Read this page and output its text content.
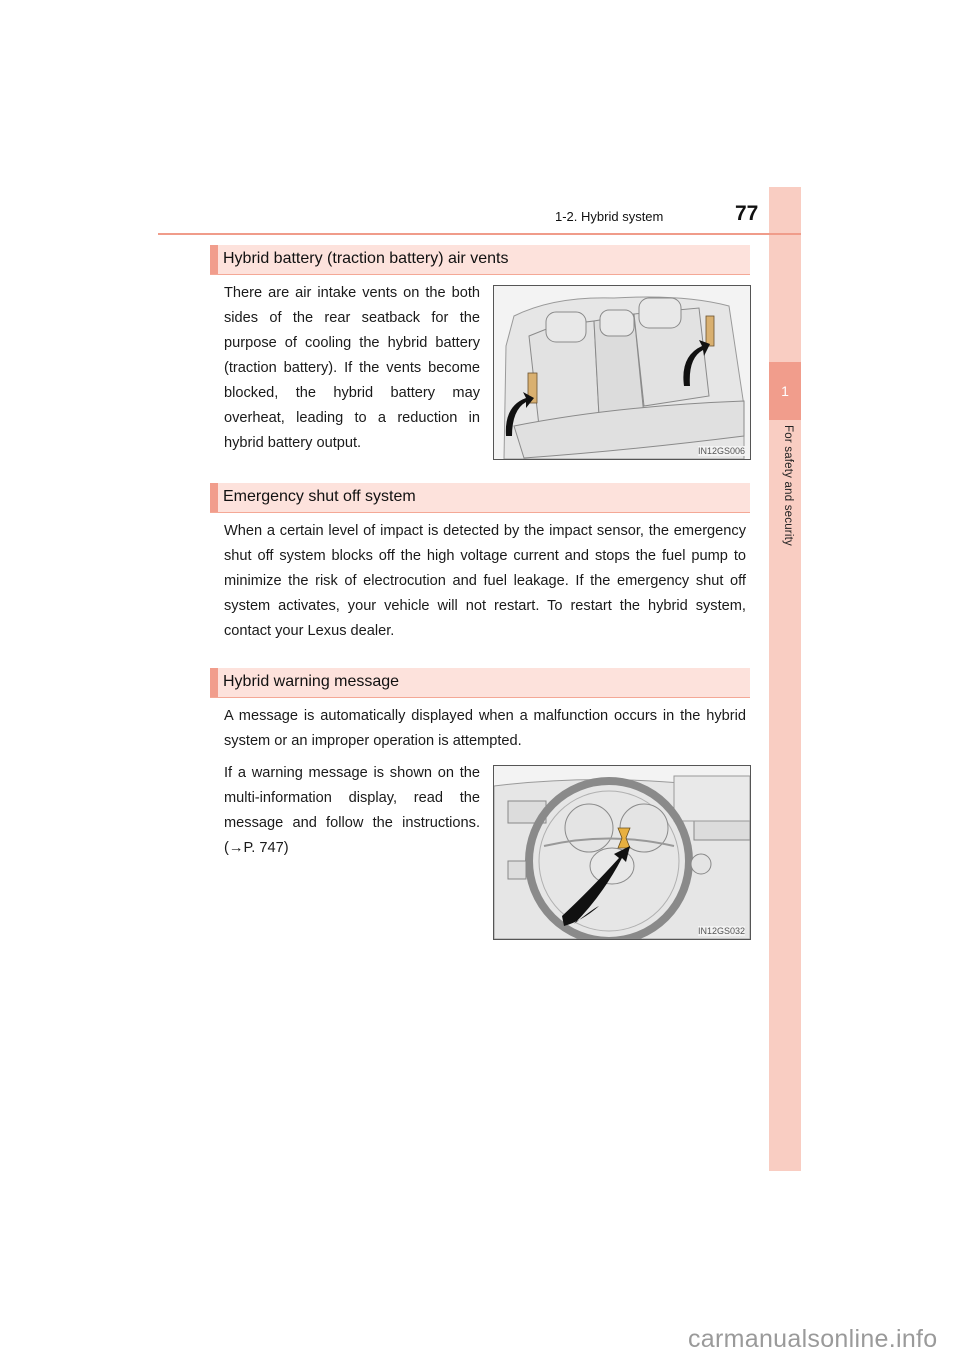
1
For safety and security
1-2. Hybrid system	77
Hybrid battery (traction battery) air vents
There are air intake vents on the both sides of the rear seatback for the purpose of cooling the hybrid battery (traction battery). If the vents become blocked, the hybrid battery may overheat, leading to a reduction in hybrid battery output.	IN12GS006
Emergency shut off system
When a certain level of impact is detected by the impact sensor, the emergency shut off system blocks off the high voltage current and stops the fuel pump to minimize the risk of electrocution and fuel leakage. If the emergency shut off system activates, your vehicle will not restart. To restart the hybrid system, contact your Lexus dealer.
Hybrid warning message
A message is automatically displayed when a malfunction occurs in the hybrid system or an improper operation is attempted.
If a warning message is shown on the multi-information display, read the message and follow the instructions. (→P. 747)
IN12GS032
carmanualsonline.info
